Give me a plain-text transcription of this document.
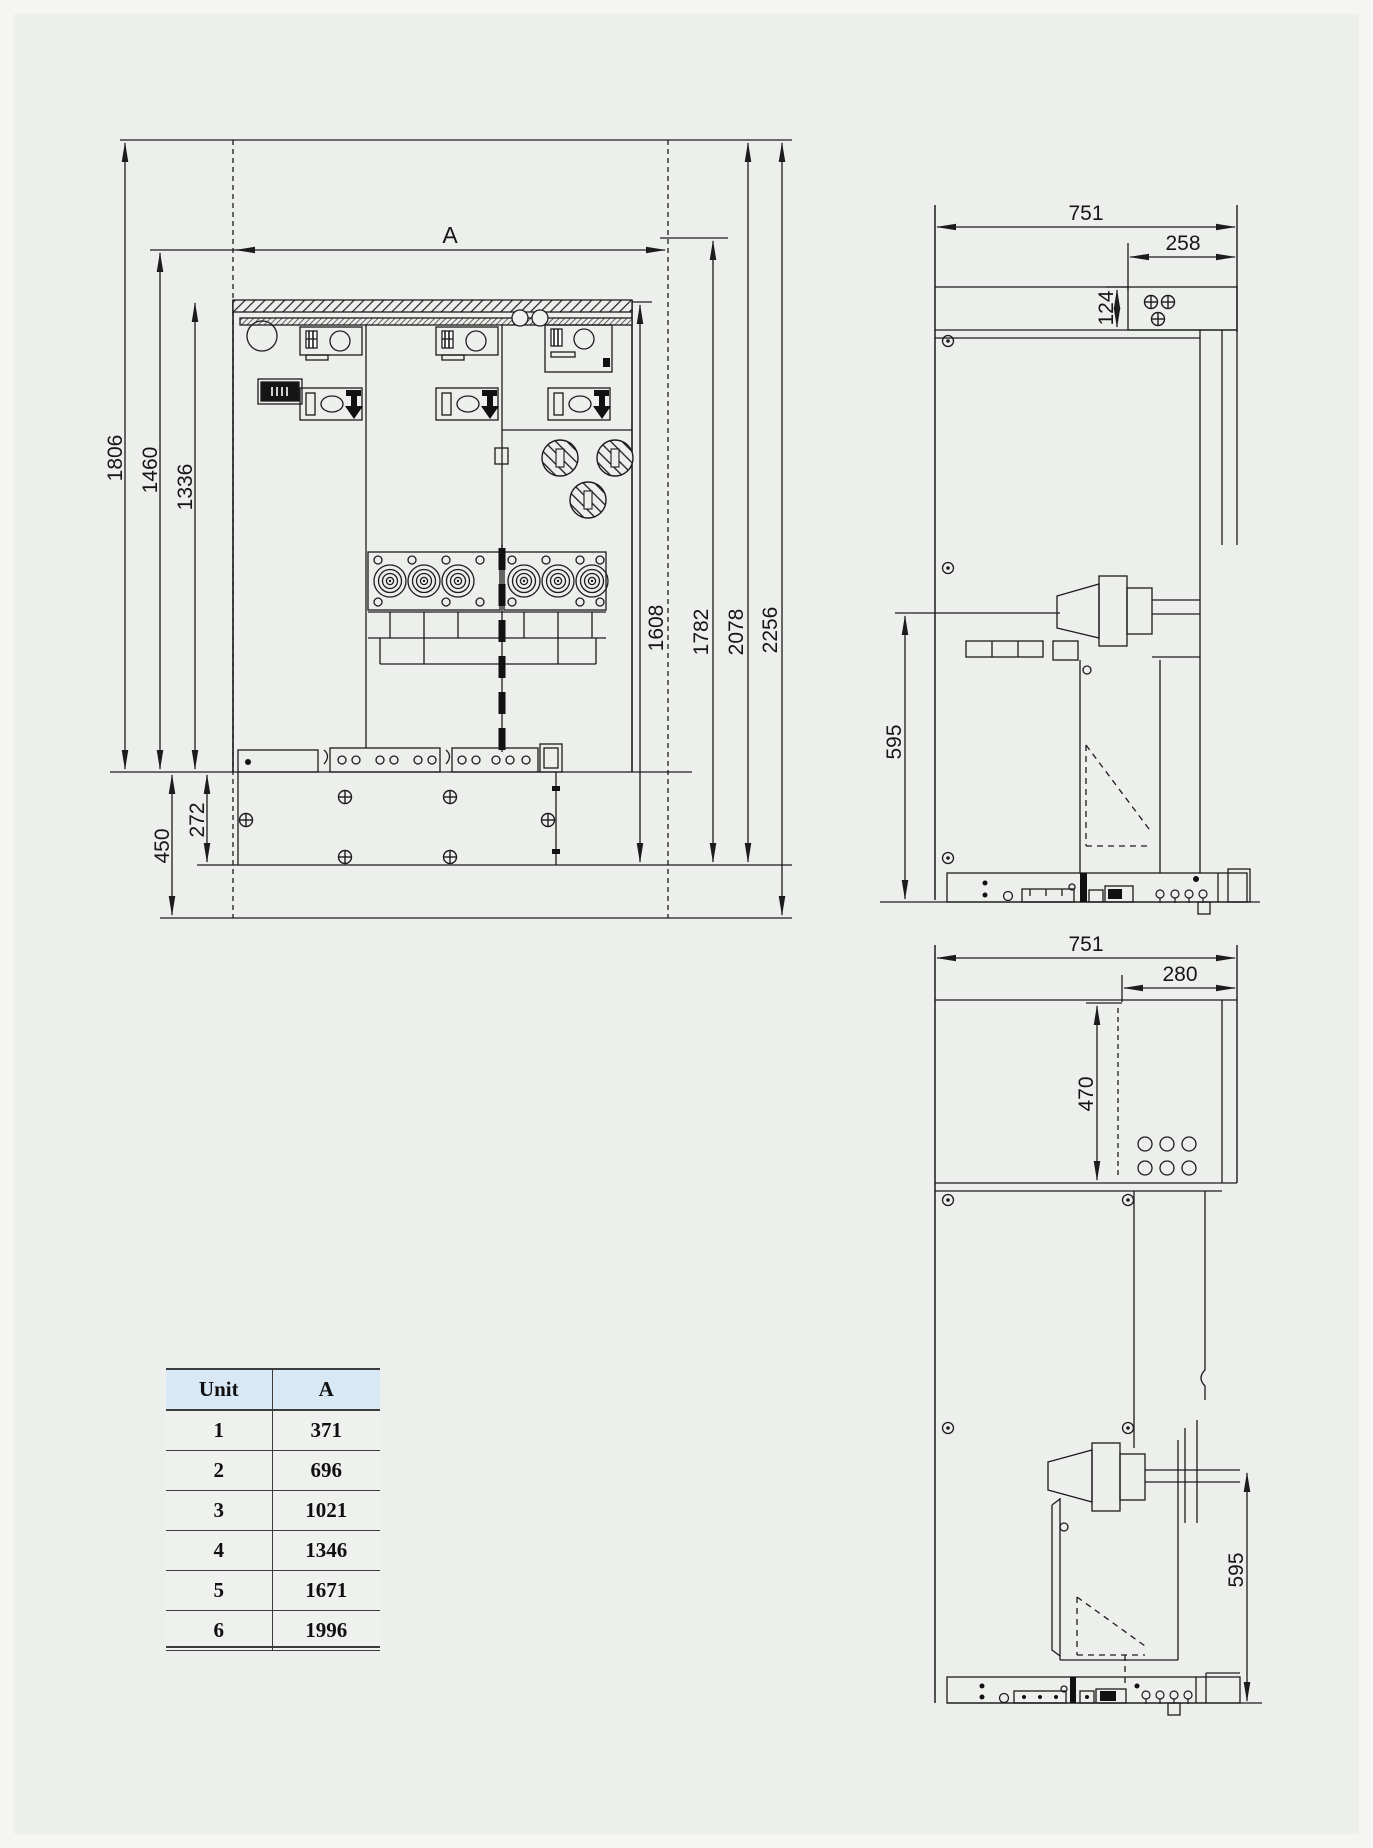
A
1806 1460 1336
450
272
1608 1782 2078 2256
751
258
124
595
751
280
470
595
Unit	A
1	371
2	696
3	1021
4	1346
5	1671
6	1996
